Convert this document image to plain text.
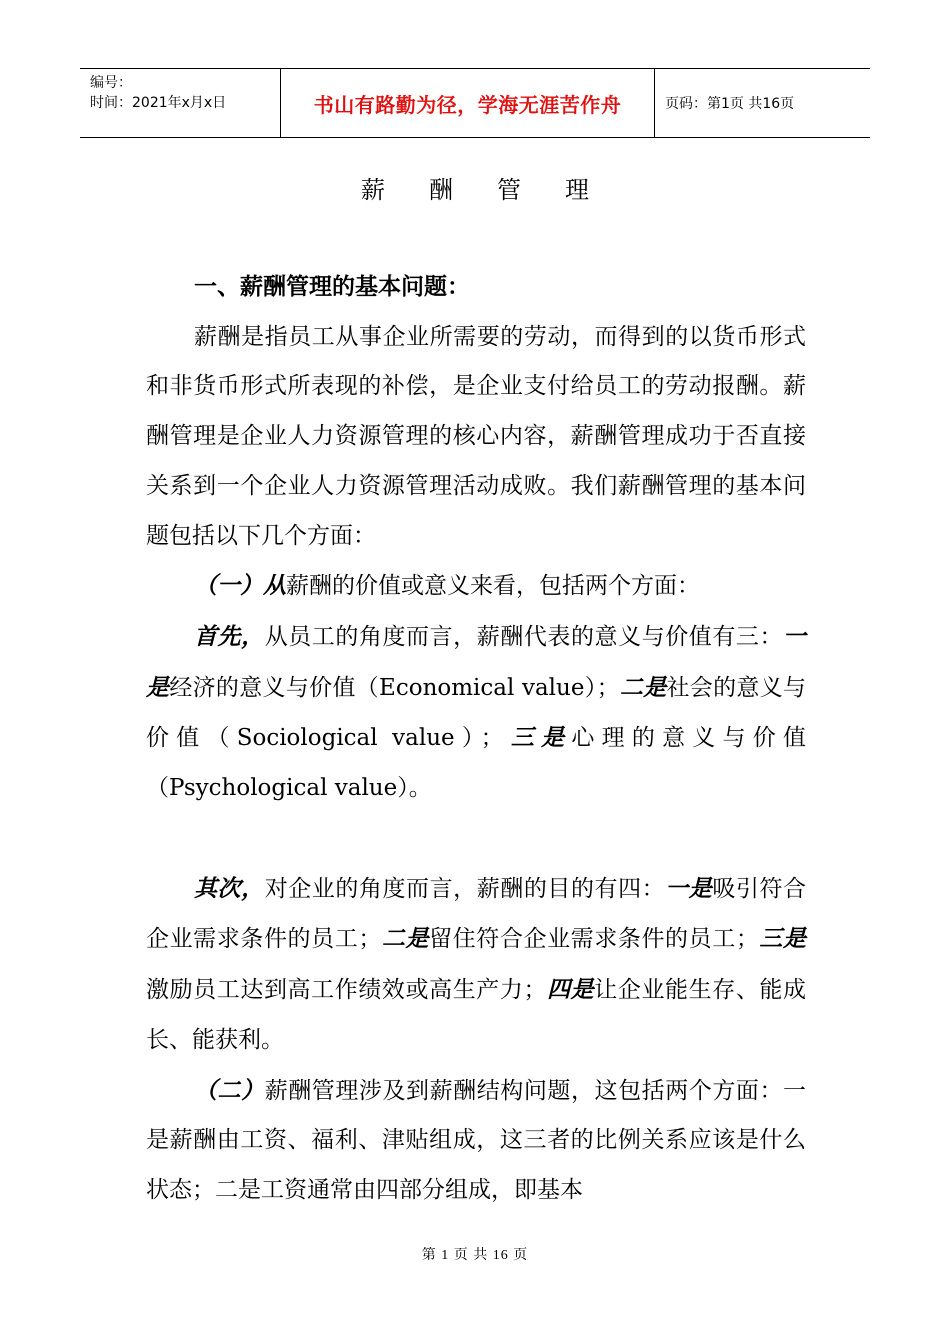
编号：
时间：2021年x月x日	书山有路勤为径，学海无涯苦作舟	页码：第1页 共16页
薪 酬 管 理

一、薪酬管理的基本问题：

薪酬是指员工从事企业所需要的劳动，而得到的以货币形式和非货币形式所表现的补偿，是企业支付给员工的劳动报酬。薪酬管理是企业人力资源管理的核心内容，薪酬管理成功于否直接关系到一个企业人力资源管理活动成败。我们薪酬管理的基本问题包括以下几个方面：

（一）从薪酬的价值或意义来看，包括两个方面：

首先，从员工的角度而言，薪酬代表的意义与价值有三：一是经济的意义与价值（Economical value）；二是社会的意义与价值（Sociological value）；三是心理的意义与价值（Psychological value）。

其次，对企业的角度而言，薪酬的目的有四：一是吸引符合企业需求条件的员工；二是留住符合企业需求条件的员工；三是激励员工达到高工作绩效或高生产力；四是让企业能生存、能成长、能获利。

（二）薪酬管理涉及到薪酬结构问题，这包括两个方面：一是薪酬由工资、福利、津贴组成，这三者的比例关系应该是什么状态；二是工资通常由四部分组成，即基本

第 1 页 共 16 页
